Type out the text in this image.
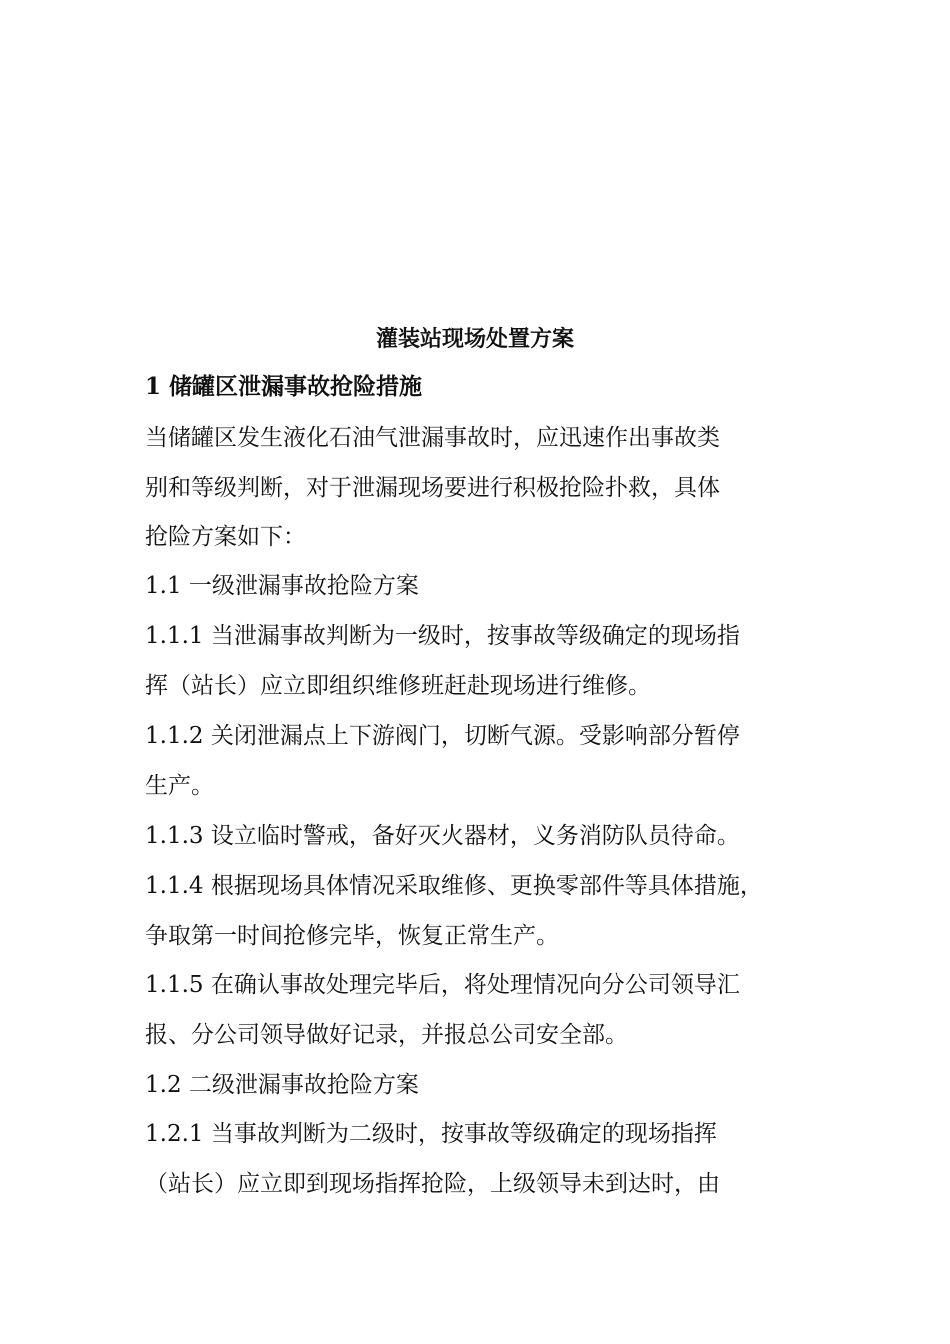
灌装站现场处置方案
1 储罐区泄漏事故抢险措施
当储罐区发生液化石油气泄漏事故时，应迅速作出事故类
别和等级判断，对于泄漏现场要进行积极抢险扑救，具体
抢险方案如下：
1.1 一级泄漏事故抢险方案
1.1.1 当泄漏事故判断为一级时，按事故等级确定的现场指
挥（站长）应立即组织维修班赶赴现场进行维修。
1.1.2 关闭泄漏点上下游阀门，切断气源。受影响部分暂停
生产。
1.1.3 设立临时警戒，备好灭火器材，义务消防队员待命。
1.1.4 根据现场具体情况采取维修、更换零部件等具体措施，
争取第一时间抢修完毕，恢复正常生产。
1.1.5 在确认事故处理完毕后，将处理情况向分公司领导汇
报、分公司领导做好记录，并报总公司安全部。
1.2 二级泄漏事故抢险方案
1.2.1 当事故判断为二级时，按事故等级确定的现场指挥
（站长）应立即到现场指挥抢险，上级领导未到达时，由
